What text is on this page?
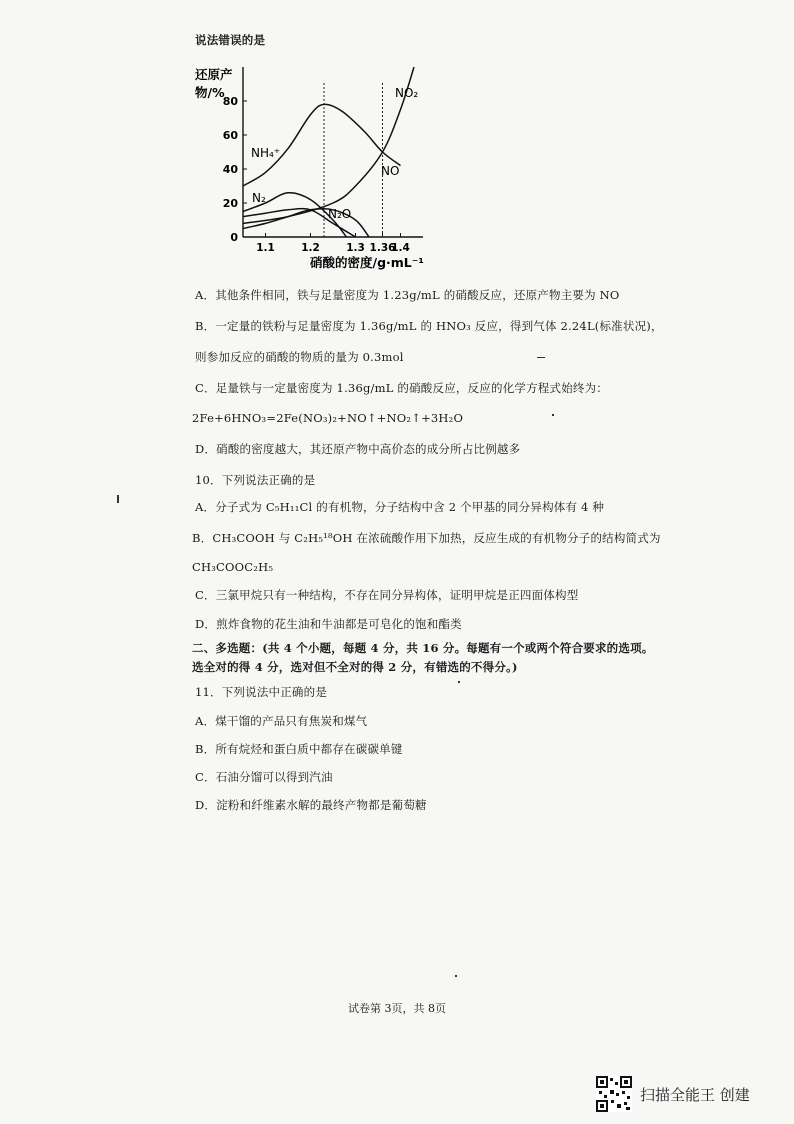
说法错误的是
还原产
物/%
0
20
40
60
80
1.1	1.2	1.3 1.36
1.4
NO₂
NO
NH₄⁺
N₂
N₂O
硝酸的密度/g·mL⁻¹
A．其他条件相同，铁与足量密度为 1.23g/mL 的硝酸反应，还原产物主要为 NO
B．一定量的铁粉与足量密度为 1.36g/mL 的 HNO₃ 反应，得到气体 2.24L(标准状况)，
则参加反应的硝酸的物质的量为 0.3mol
C．足量铁与一定量密度为 1.36g/mL 的硝酸反应，反应的化学方程式始终为：
2Fe+6HNO₃=2Fe(NO₃)₂+NO↑+NO₂↑+3H₂O
D．硝酸的密度越大，其还原产物中高价态的成分所占比例越多
10．下列说法正确的是
A．分子式为 C₅H₁₁Cl 的有机物，分子结构中含 2 个甲基的同分异构体有 4 种
B．CH₃COOH 与 C₂H₅¹⁸OH 在浓硫酸作用下加热，反应生成的有机物分子的结构简式为
CH₃COOC₂H₅
C．三氯甲烷只有一种结构，不存在同分异构体，证明甲烷是正四面体构型
D．煎炸食物的花生油和牛油都是可皂化的饱和酯类
二、多选题：(共 4 个小题，每题 4 分，共 16 分。每题有一个或两个符合要求的选项。
选全对的得 4 分，选对但不全对的得 2 分，有错选的不得分。)
11．下列说法中正确的是
A．煤干馏的产品只有焦炭和煤气
B．所有烷烃和蛋白质中都存在碳碳单键
C．石油分馏可以得到汽油
D．淀粉和纤维素水解的最终产物都是葡萄糖
试卷第 3页，共 8页
扫描全能王 创建
